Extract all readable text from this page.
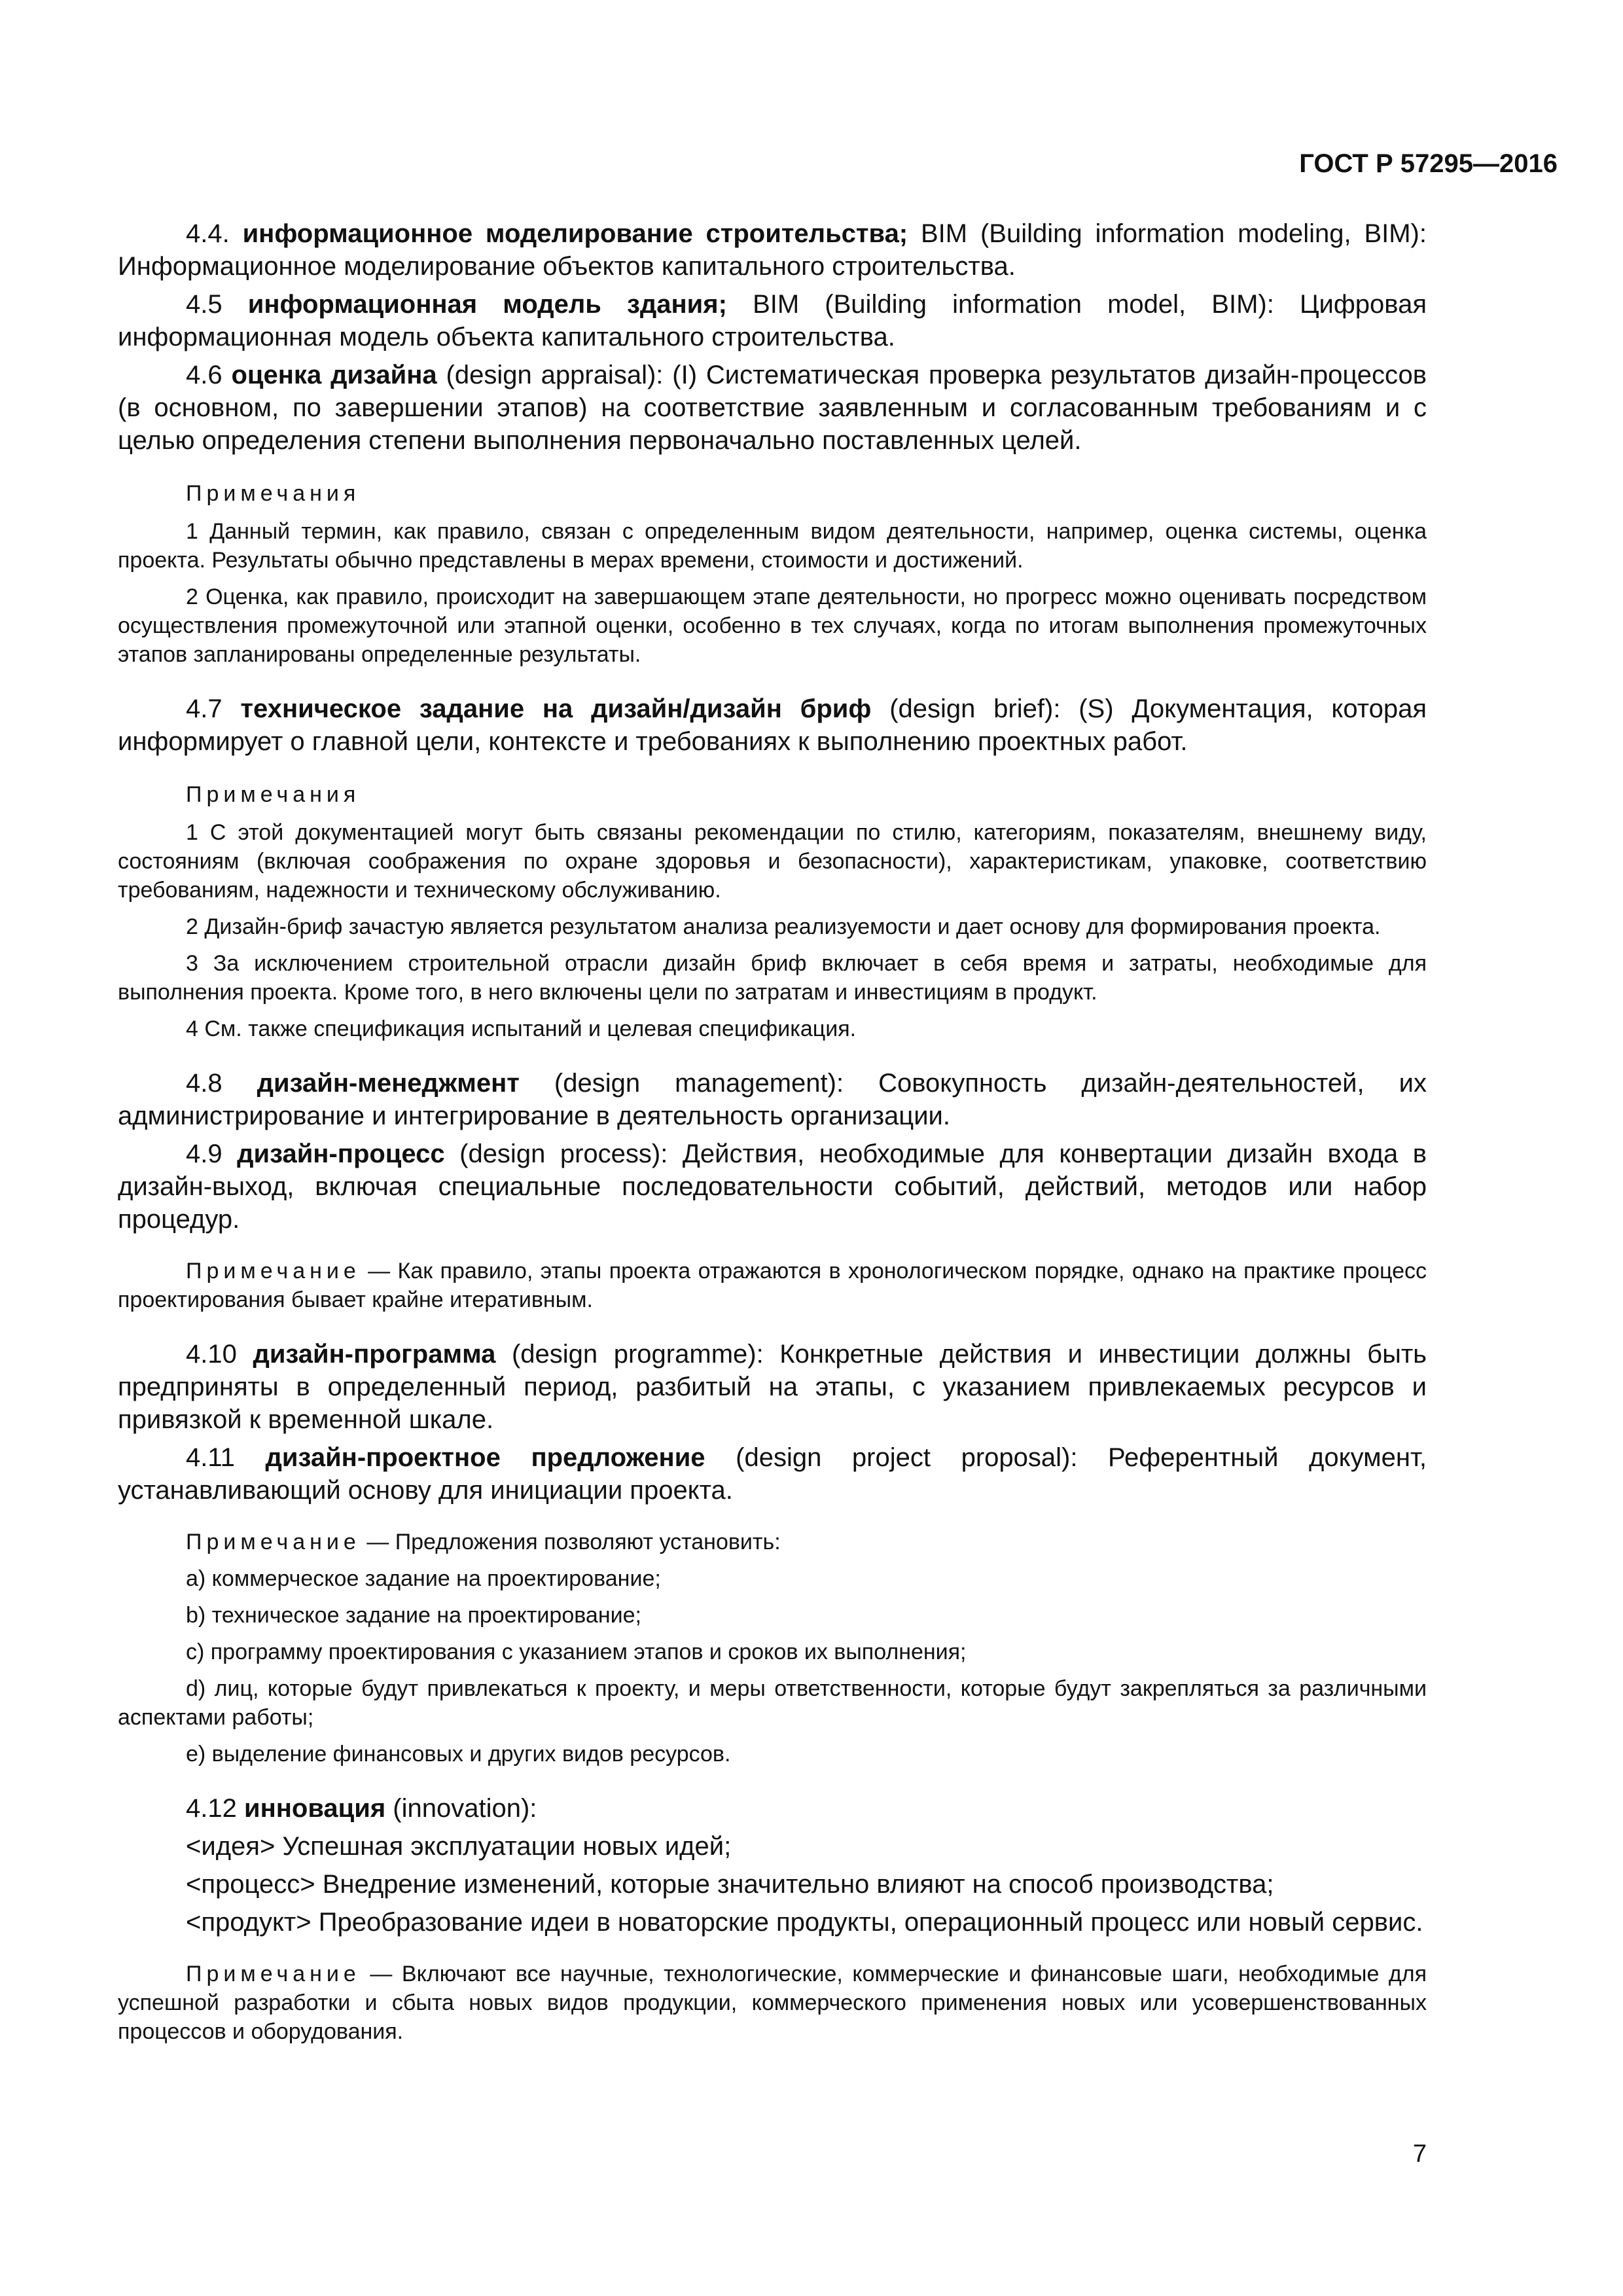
ГОСТ Р 57295—2016

4.4. информационное моделирование строительства; BIM (Building information modeling, BIM): Информационное моделирование объектов капитального строительства.

4.5 информационная модель здания; BIM (Building information model, BIM): Цифровая информационная модель объекта капитального строительства.

4.6 оценка дизайна (design appraisal): (I) Систематическая проверка результатов дизайн-процессов (в основном, по завершении этапов) на соответствие заявленным и согласованным требованиям и с целью определения степени выполнения первоначально поставленных целей.

Примечания

1 Данный термин, как правило, связан с определенным видом деятельности, например, оценка системы, оценка проекта. Результаты обычно представлены в мерах времени, стоимости и достижений.

2 Оценка, как правило, происходит на завершающем этапе деятельности, но прогресс можно оценивать посредством осуществления промежуточной или этапной оценки, особенно в тех случаях, когда по итогам выполнения промежуточных этапов запланированы определенные результаты.

4.7 техническое задание на дизайн/дизайн бриф (design brief): (S) Документация, которая информирует о главной цели, контексте и требованиях к выполнению проектных работ.

Примечания

1 С этой документацией могут быть связаны рекомендации по стилю, категориям, показателям, внешнему виду, состояниям (включая соображения по охране здоровья и безопасности), характеристикам, упаковке, соответствию требованиям, надежности и техническому обслуживанию.

2 Дизайн-бриф зачастую является результатом анализа реализуемости и дает основу для формирования проекта.

3 За исключением строительной отрасли дизайн бриф включает в себя время и затраты, необходимые для выполнения проекта. Кроме того, в него включены цели по затратам и инвестициям в продукт.

4 См. также спецификация испытаний и целевая спецификация.

4.8 дизайн-менеджмент (design management): Совокупность дизайн-деятельностей, их администрирование и интегрирование в деятельность организации.

4.9 дизайн-процесс (design process): Действия, необходимые для конвертации дизайн входа в дизайн-выход, включая специальные последовательности событий, действий, методов или набор процедур.

Примечание — Как правило, этапы проекта отражаются в хронологическом порядке, однако на практике процесс проектирования бывает крайне итеративным.

4.10 дизайн-программа (design programme): Конкретные действия и инвестиции должны быть предприняты в определенный период, разбитый на этапы, с указанием привлекаемых ресурсов и привязкой к временной шкале.

4.11 дизайн-проектное предложение (design project proposal): Референтный документ, устанавливающий основу для инициации проекта.

Примечание — Предложения позволяют установить:

a) коммерческое задание на проектирование;

b) техническое задание на проектирование;

c) программу проектирования с указанием этапов и сроков их выполнения;

d) лиц, которые будут привлекаться к проекту, и меры ответственности, которые будут закрепляться за различными аспектами работы;

e) выделение финансовых и других видов ресурсов.

4.12 инновация (innovation):

<идея> Успешная эксплуатации новых идей;

<процесс> Внедрение изменений, которые значительно влияют на способ производства;

<продукт> Преобразование идеи в новаторские продукты, операционный процесс или новый сервис.

Примечание — Включают все научные, технологические, коммерческие и финансовые шаги, необходимые для успешной разработки и сбыта новых видов продукции, коммерческого применения новых или усовершенствованных процессов и оборудования.

7
